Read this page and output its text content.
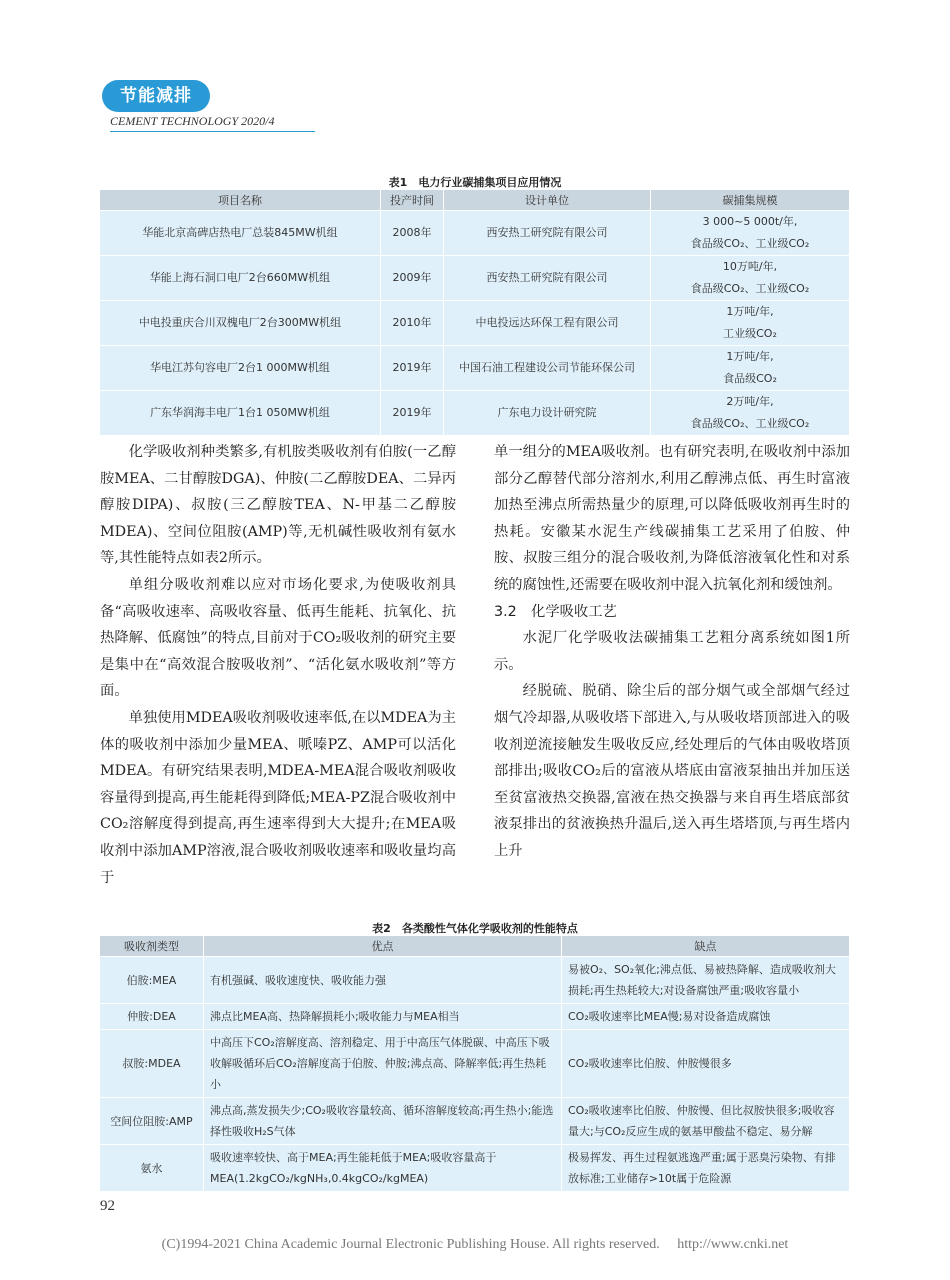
节能减排
CEMENT TECHNOLOGY 2020/4
表1　电力行业碳捕集项目应用情况
项目名称	投产时间	设计单位	碳捕集规模
华能北京高碑店热电厂总装845MW机组	2008年	西安热工研究院有限公司	3 000~5 000t/年,
食品级CO₂、工业级CO₂

华能上海石洞口电厂2台660MW机组	2009年	西安热工研究院有限公司	10万吨/年,
食品级CO₂、工业级CO₂

中电投重庆合川双槐电厂2台300MW机组	2010年	中电投远达环保工程有限公司	1万吨/年,
工业级CO₂

华电江苏句容电厂2台1 000MW机组	2019年	中国石油工程建设公司节能环保公司	1万吨/年,
食品级CO₂

广东华润海丰电厂1台1 050MW机组	2019年	广东电力设计研究院	2万吨/年,
食品级CO₂、工业级CO₂

化学吸收剂种类繁多,有机胺类吸收剂有伯胺(一乙醇胺MEA、二甘醇胺DGA)、仲胺(二乙醇胺DEA、二异丙醇胺DIPA)、叔胺(三乙醇胺TEA、N-甲基二乙醇胺MDEA)、空间位阻胺(AMP)等,无机碱性吸收剂有氨水等,其性能特点如表2所示。

单组分吸收剂难以应对市场化要求,为使吸收剂具备“高吸收速率、高吸收容量、低再生能耗、抗氧化、抗热降解、低腐蚀”的特点,目前对于CO₂吸收剂的研究主要是集中在“高效混合胺吸收剂”、“活化氨水吸收剂”等方面。

单独使用MDEA吸收剂吸收速率低,在以MDEA为主体的吸收剂中添加少量MEA、哌嗪PZ、AMP可以活化MDEA。有研究结果表明,MDEA-MEA混合吸收剂吸收容量得到提高,再生能耗得到降低;MEA-PZ混合吸收剂中CO₂溶解度得到提高,再生速率得到大大提升;在MEA吸收剂中添加AMP溶液,混合吸收剂吸收速率和吸收量均高于

单一组分的MEA吸收剂。也有研究表明,在吸收剂中添加部分乙醇替代部分溶剂水,利用乙醇沸点低、再生时富液加热至沸点所需热量少的原理,可以降低吸收剂再生时的热耗。安徽某水泥生产线碳捕集工艺采用了伯胺、仲胺、叔胺三组分的混合吸收剂,为降低溶液氧化性和对系统的腐蚀性,还需要在吸收剂中混入抗氧化剂和缓蚀剂。

3.2　化学吸收工艺

水泥厂化学吸收法碳捕集工艺粗分离系统如图1所示。

经脱硫、脱硝、除尘后的部分烟气或全部烟气经过烟气冷却器,从吸收塔下部进入,与从吸收塔顶部进入的吸收剂逆流接触发生吸收反应,经处理后的气体由吸收塔顶部排出;吸收CO₂后的富液从塔底由富液泵抽出并加压送至贫富液热交换器,富液在热交换器与来自再生塔底部贫液泵排出的贫液换热升温后,送入再生塔塔顶,与再生塔内上升

表2　各类酸性气体化学吸收剂的性能特点
吸收剂类型	优点	缺点
伯胺:MEA	有机强碱、吸收速度快、吸收能力强	易被O₂、SO₂氧化;沸点低、易被热降解、造成吸收剂大损耗;再生热耗较大;对设备腐蚀严重;吸收容量小
仲胺:DEA	沸点比MEA高、热降解损耗小;吸收能力与MEA相当	CO₂吸收速率比MEA慢;易对设备造成腐蚀
叔胺:MDEA	中高压下CO₂溶解度高、溶剂稳定、用于中高压气体脱碳、中高压下吸收解吸循环后CO₂溶解度高于伯胺、仲胺;沸点高、降解率低;再生热耗小	CO₂吸收速率比伯胺、仲胺慢很多
空间位阻胺:AMP	沸点高,蒸发损失少;CO₂吸收容量较高、循环溶解度较高;再生热小;能选择性吸收H₂S气体	CO₂吸收速率比伯胺、仲胺慢、但比叔胺快很多;吸收容量大;与CO₂反应生成的氨基甲酸盐不稳定、易分解
氨水	吸收速率较快、高于MEA;再生能耗低于MEA;吸收容量高于MEA(1.2kgCO₂/kgNH₃,0.4kgCO₂/kgMEA)	极易挥发、再生过程氨逃逸严重;属于恶臭污染物、有排放标准;工业储存>10t属于危险源
92
(C)1994-2021 China Academic Journal Electronic Publishing House. All rights reserved.　 http://www.cnki.net
